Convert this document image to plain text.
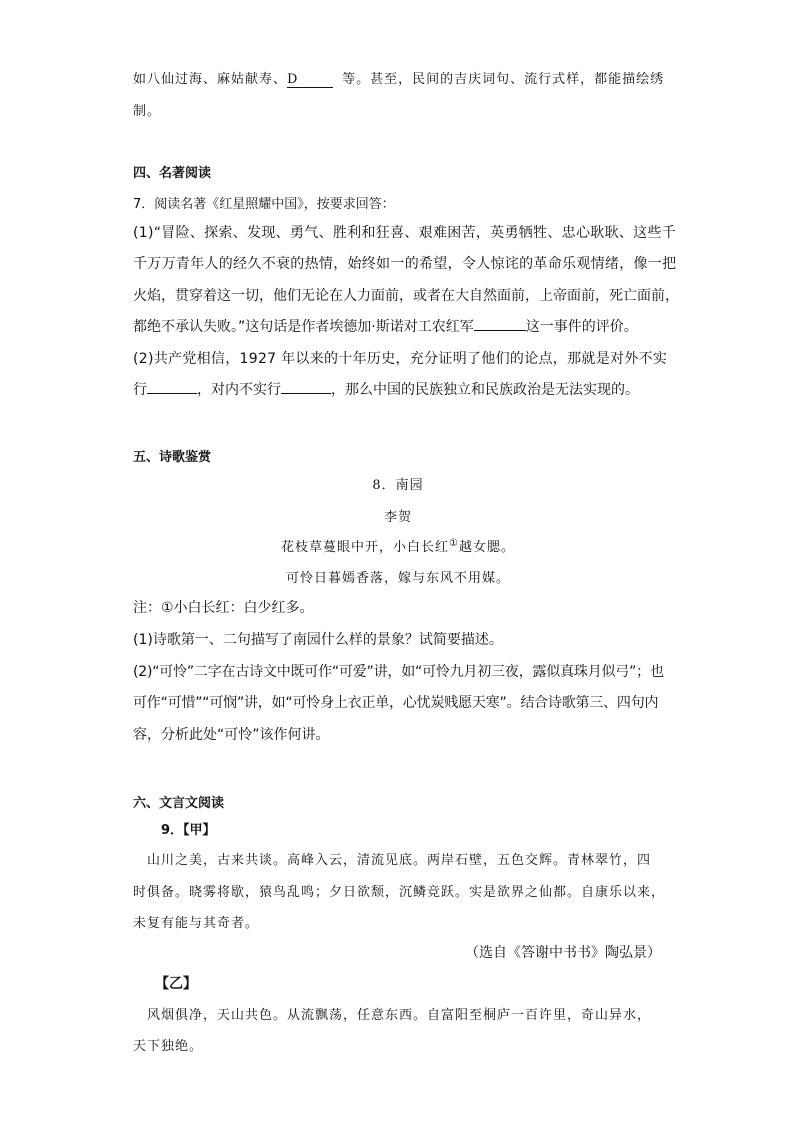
如八仙过海、麻姑献寿、D	等。甚至，民间的吉庆词句、流行式样，都能描绘绣
制。
四、名著阅读
7．阅读名著《红星照耀中国》，按要求回答：
(1)“冒险、探索、发现、勇气、胜利和狂喜、艰难困苦，英勇牺牲、忠心耿耿、这些千
千万万青年人的经久不衰的热情，始终如一的希望，令人惊诧的革命乐观情绪，像一把
火焰，贯穿着这一切，他们无论在人力面前，或者在大自然面前，上帝面前，死亡面前，
都绝不承认失败。”这句话是作者埃德加·斯诺对工农红军	这一事件的评价。
(2)共产党相信，1927 年以来的十年历史，充分证明了他们的论点，那就是对外不实
行	，对内不实行	，那么中国的民族独立和民族政治是无法实现的。
五、诗歌鉴赏
8．南园
李贺
花枝草蔓眼中开，小白长红①越女腮。
可怜日暮嫣香落，嫁与东风不用媒。
注：①小白长红：白少红多。
(1)诗歌第一、二句描写了南园什么样的景象？试简要描述。
(2)“可怜”二字在古诗文中既可作“可爱”讲，如“可怜九月初三夜，露似真珠月似弓”；也
可作“可惜”“可悯”讲，如“可怜身上衣正单，心忧炭贱愿天寒”。结合诗歌第三、四句内
容，分析此处“可怜”该作何讲。
六、文言文阅读
9．【甲】
山川之美，古来共谈。高峰入云，清流见底。两岸石壁，五色交辉。青林翠竹，四
时俱备。晓雾将歇，猿鸟乱鸣；夕日欲颓，沉鳞竞跃。实是欲界之仙都。自康乐以来，
未复有能与其奇者。
（选自《答谢中书书》陶弘景）
【乙】
风烟俱净，天山共色。从流飘荡，任意东西。自富阳至桐庐一百许里，奇山异水，
天下独绝。
